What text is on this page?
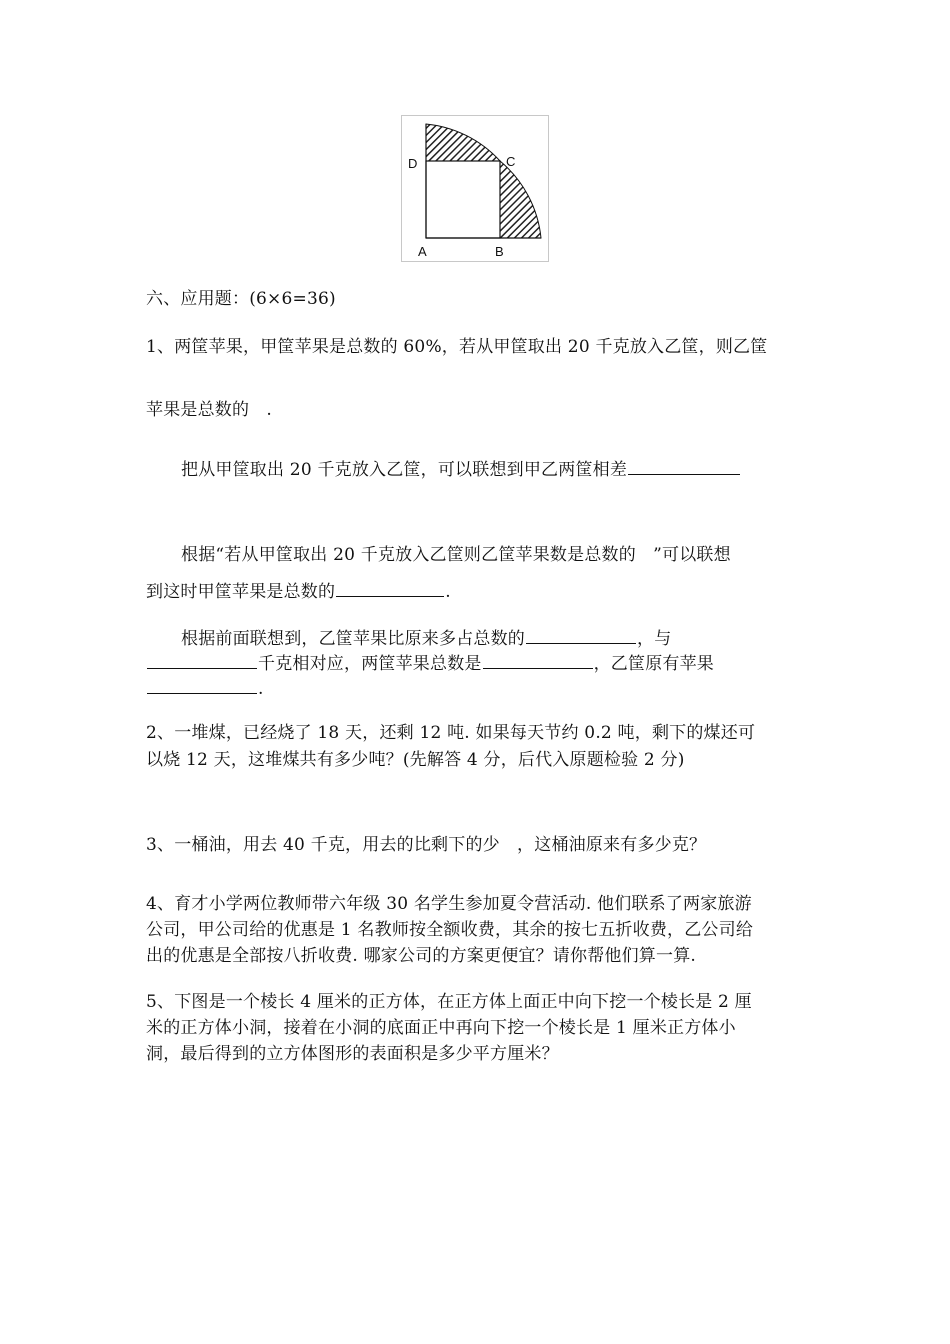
D	C
A	B
六、应用题：(6×6=36)
1、两筐苹果，甲筐苹果是总数的 60%，若从甲筐取出 20 千克放入乙筐，则乙筐
苹果是总数的　.
把从甲筐取出 20 千克放入乙筐，可以联想到甲乙两筐相差
根据“若从甲筐取出 20 千克放入乙筐则乙筐苹果数是总数的　”可以联想
到这时甲筐苹果是总数的	.
根据前面联想到，乙筐苹果比原来多占总数的	，与
千克相对应，两筐苹果总数是	，乙筐原有苹果
.
2、一堆煤，已经烧了 18 天，还剩 12 吨. 如果每天节约 0.2 吨，剩下的煤还可
以烧 12 天，这堆煤共有多少吨？(先解答 4 分，后代入原题检验 2 分)
3、一桶油，用去 40 千克，用去的比剩下的少　，这桶油原来有多少克？
4、育才小学两位教师带六年级 30 名学生参加夏令营活动. 他们联系了两家旅游
公司，甲公司给的优惠是 1 名教师按全额收费，其余的按七五折收费，乙公司给
出的优惠是全部按八折收费. 哪家公司的方案更便宜？请你帮他们算一算.
5、下图是一个棱长 4 厘米的正方体，在正方体上面正中向下挖一个棱长是 2 厘
米的正方体小洞，接着在小洞的底面正中再向下挖一个棱长是 1 厘米正方体小
洞，最后得到的立方体图形的表面积是多少平方厘米？
